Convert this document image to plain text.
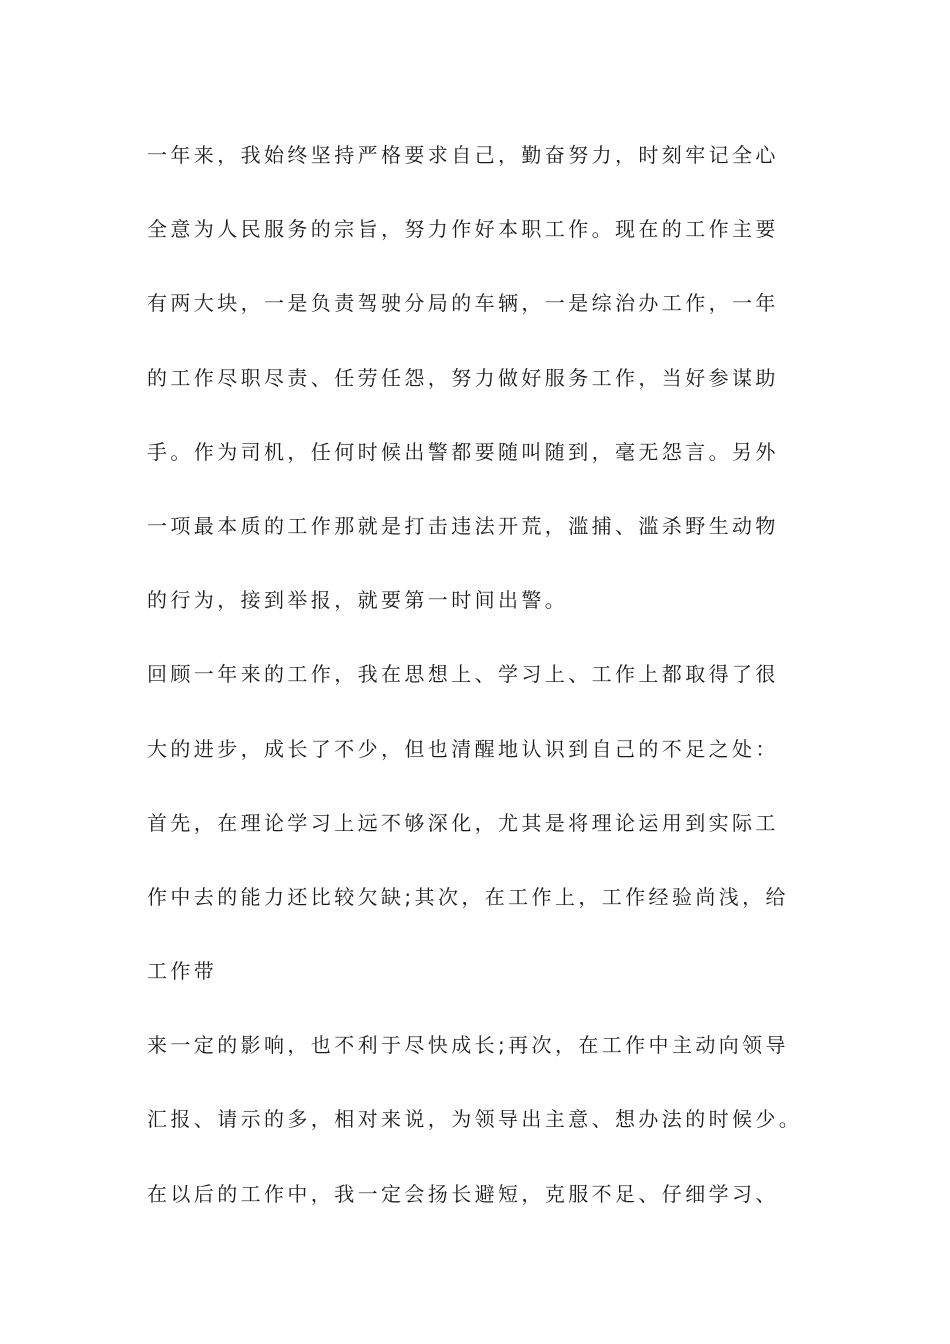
一年来，我始终坚持严格要求自己，勤奋努力，时刻牢记全心
全意为人民服务的宗旨，努力作好本职工作。现在的工作主要
有两大块，一是负责驾驶分局的车辆，一是综治办工作，一年
的工作尽职尽责、任劳任怨，努力做好服务工作，当好参谋助
手。作为司机，任何时候出警都要随叫随到，毫无怨言。另外
一项最本质的工作那就是打击违法开荒，滥捕、滥杀野生动物
的行为，接到举报，就要第一时间出警。
回顾一年来的工作，我在思想上、学习上、工作上都取得了很
大的进步，成长了不少，但也清醒地认识到自己的不足之处：
首先，在理论学习上远不够深化，尤其是将理论运用到实际工
作中去的能力还比较欠缺;其次，在工作上，工作经验尚浅，给
工作带
来一定的影响，也不利于尽快成长;再次，在工作中主动向领导
汇报、请示的多，相对来说，为领导出主意、想办法的时候少。
在以后的工作中，我一定会扬长避短，克服不足、仔细学习、
